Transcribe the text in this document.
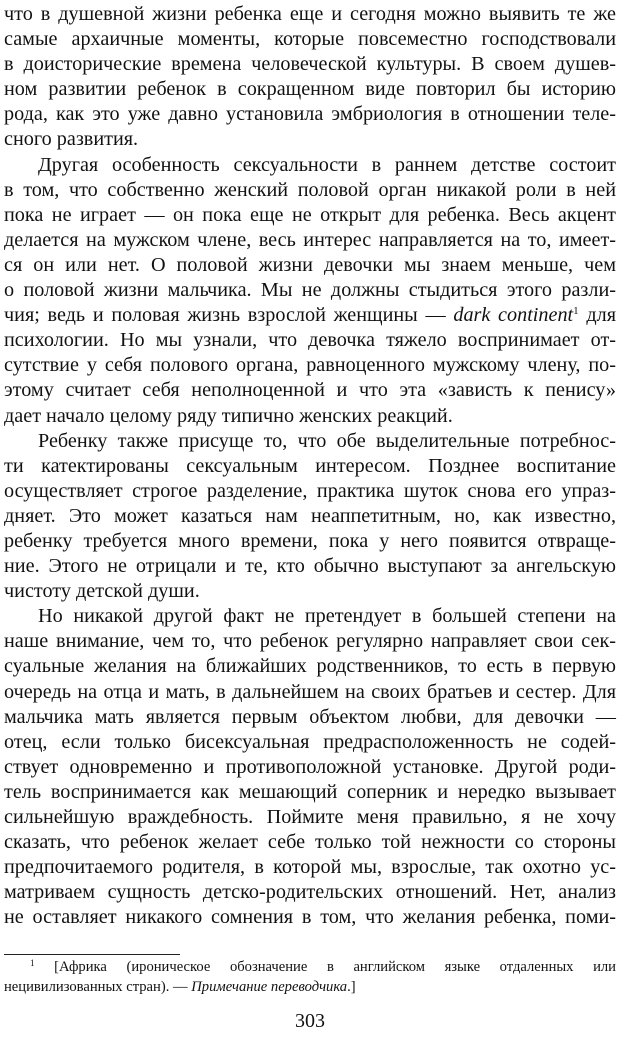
что в душевной жизни ребенка еще и сегодня можно выявить те же
самые архаичные моменты, которые повсеместно господствовали
в доисторические времена человеческой культуры. В своем душев-
ном развитии ребенок в сокращенном виде повторил бы историю
рода, как это уже давно установила эмбриология в отношении теле-
сного развития.
Другая особенность сексуальности в раннем детстве состоит
в том, что собственно женский половой орган никакой роли в ней
пока не играет — он пока еще не открыт для ребенка. Весь акцент
делается на мужском члене, весь интерес направляется на то, имеет-
ся он или нет. О половой жизни девочки мы знаем меньше, чем
о половой жизни мальчика. Мы не должны стыдиться этого разли-
чия; ведь и половая жизнь взрослой женщины — dark continent$^1$ для
психологии. Но мы узнали, что девочка тяжело воспринимает от-
сутствие у себя полового органа, равноценного мужскому члену, по-
этому считает себя неполноценной и что эта «зависть к пенису»
дает начало целому ряду типично женских реакций.
Ребенку также присуще то, что обе выделительные потребнос-
ти катектированы сексуальным интересом. Позднее воспитание
осуществляет строгое разделение, практика шуток снова его упраз-
дняет. Это может казаться нам неаппетитным, но, как известно,
ребенку требуется много времени, пока у него появится отвраще-
ние. Этого не отрицали и те, кто обычно выступают за ангельскую
чистоту детской души.
Но никакой другой факт не претендует в большей степени на
наше внимание, чем то, что ребенок регулярно направляет свои сек-
суальные желания на ближайших родственников, то есть в первую
очередь на отца и мать, в дальнейшем на своих братьев и сестер. Для
мальчика мать является первым объектом любви, для девочки —
отец, если только бисексуальная предрасположенность не содей-
ствует одновременно и противоположной установке. Другой роди-
тель воспринимается как мешающий соперник и нередко вызывает
сильнейшую враждебность. Поймите меня правильно, я не хочу
сказать, что ребенок желает себе только той нежности со стороны
предпочитаемого родителя, в которой мы, взрослые, так охотно ус-
матриваем сущность детско-родительских отношений. Нет, анализ
не оставляет никакого сомнения в том, что желания ребенка, поми-
$^1$ [Африка (ироническое обозначение в английском языке отдаленных или
нецивилизованных стран). — Примечание переводчика.]
303
